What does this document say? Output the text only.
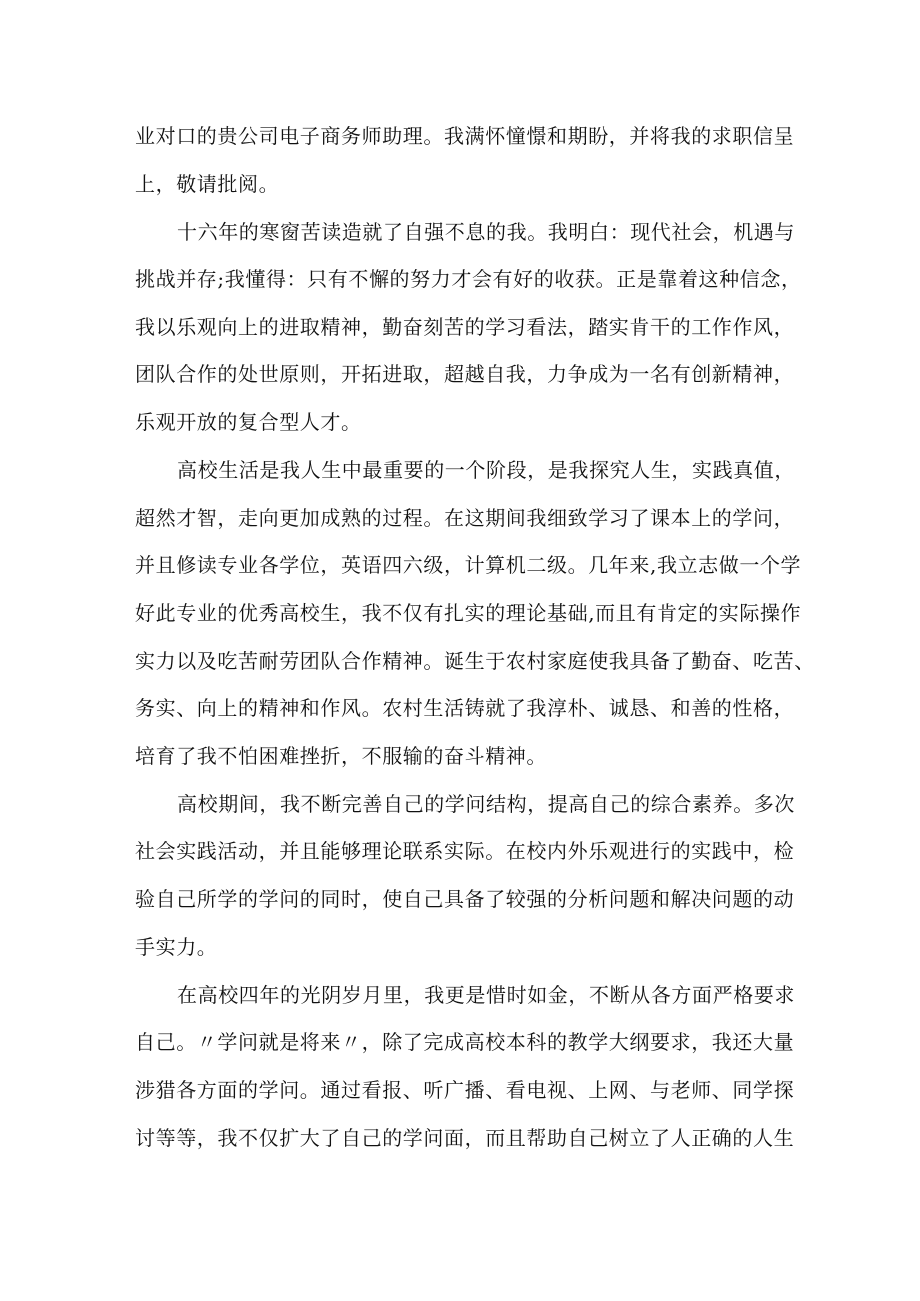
业对口的贵公司电子商务师助理。我满怀憧憬和期盼，并将我的求职信呈

上，敬请批阅。

十六年的寒窗苦读造就了自强不息的我。我明白：现代社会，机遇与

挑战并存;我懂得：只有不懈的努力才会有好的收获。正是靠着这种信念，

我以乐观向上的进取精神，勤奋刻苦的学习看法，踏实肯干的工作作风，

团队合作的处世原则，开拓进取，超越自我，力争成为一名有创新精神，

乐观开放的复合型人才。

高校生活是我人生中最重要的一个阶段，是我探究人生，实践真值，

超然才智，走向更加成熟的过程。在这期间我细致学习了课本上的学问，

并且修读专业各学位，英语四六级，计算机二级。几年来,我立志做一个学

好此专业的优秀高校生，我不仅有扎实的理论基础,而且有肯定的实际操作

实力以及吃苦耐劳团队合作精神。诞生于农村家庭使我具备了勤奋、吃苦、

务实、向上的精神和作风。农村生活铸就了我淳朴、诚恳、和善的性格，

培育了我不怕困难挫折，不服输的奋斗精神。

高校期间，我不断完善自己的学问结构，提高自己的综合素养。多次

社会实践活动，并且能够理论联系实际。在校内外乐观进行的实践中，检

验自己所学的学问的同时，使自己具备了较强的分析问题和解决问题的动

手实力。

在高校四年的光阴岁月里，我更是惜时如金，不断从各方面严格要求

自己。〃学问就是将来〃，除了完成高校本科的教学大纲要求，我还大量

涉猎各方面的学问。通过看报、听广播、看电视、上网、与老师、同学探

讨等等，我不仅扩大了自己的学问面，而且帮助自己树立了人正确的人生
